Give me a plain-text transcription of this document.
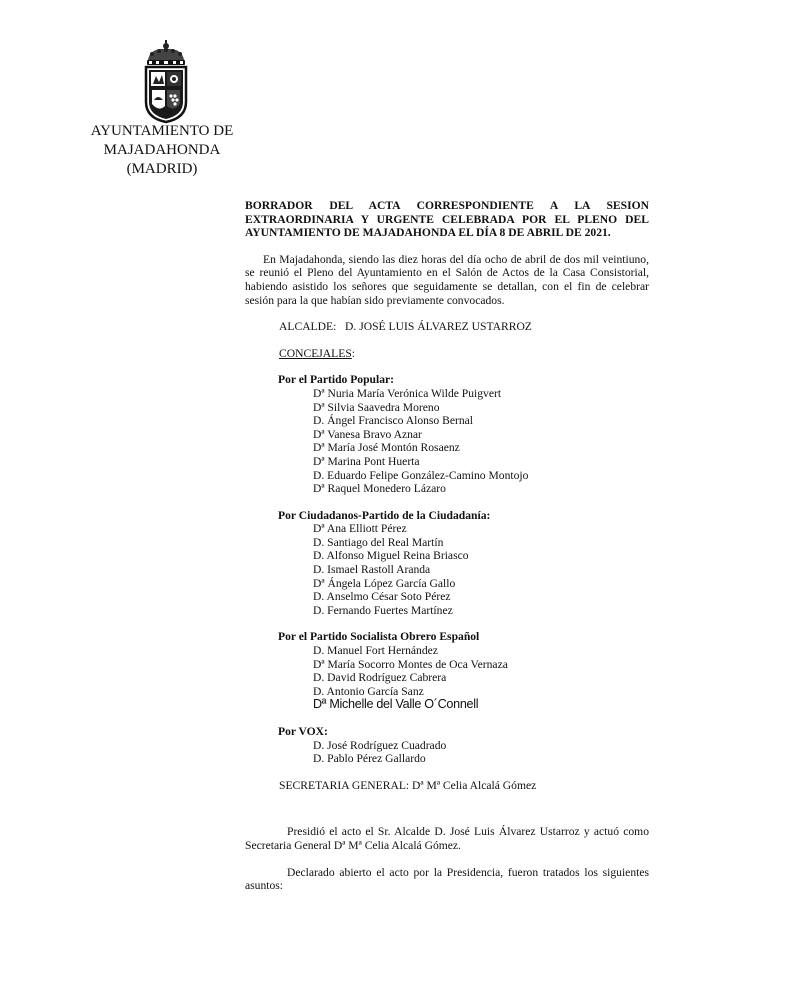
AYUNTAMIENTO DE
MAJADAHONDA
(MADRID)
BORRADOR DEL ACTA CORRESPONDIENTE A LA SESION EXTRAORDINARIA Y URGENTE CELEBRADA POR EL PLENO DEL AYUNTAMIENTO DE MAJADAHONDA EL DÍA 8 DE ABRIL DE 2021.

En Majadahonda, siendo las diez horas del día ocho de abril de dos mil veintiuno, se reunió el Pleno del Ayuntamiento en el Salón de Actos de la Casa Consistorial, habiendo asistido los señores que seguidamente se detallan, con el fin de celebrar sesión para la que habían sido previamente convocados.

ALCALDE: D. JOSÉ LUIS ÁLVAREZ USTARROZ
CONCEJALES:
Por el Partido Popular:
Dª Nuria María Verónica Wilde Puigvert
Dª Silvia Saavedra Moreno
D. Ángel Francisco Alonso Bernal
Dª Vanesa Bravo Aznar
Dª María José Montón Rosaenz
Dª Marina Pont Huerta
D. Eduardo Felipe González-Camino Montojo
Dª Raquel Monedero Lázaro
Por Ciudadanos-Partido de la Ciudadanía:
Dª Ana Elliott Pérez
D. Santiago del Real Martín
D. Alfonso Miguel Reina Briasco
D. Ismael Rastoll Aranda
Dª Ángela López García Gallo
D. Anselmo César Soto Pérez
D. Fernando Fuertes Martínez
Por el Partido Socialista Obrero Español
D. Manuel Fort Hernández
Dª María Socorro Montes de Oca Vernaza
D. David Rodríguez Cabrera
D. Antonio García Sanz
Dª Michelle del Valle O´Connell
Por VOX:
D. José Rodríguez Cuadrado
D. Pablo Pérez Gallardo
SECRETARIA GENERAL: Dª Mª Celia Alcalá Gómez

Presidió el acto el Sr. Alcalde D. José Luis Álvarez Ustarroz y actuó como Secretaria General Dª Mª Celia Alcalá Gómez.

Declarado abierto el acto por la Presidencia, fueron tratados los siguientes asuntos:
